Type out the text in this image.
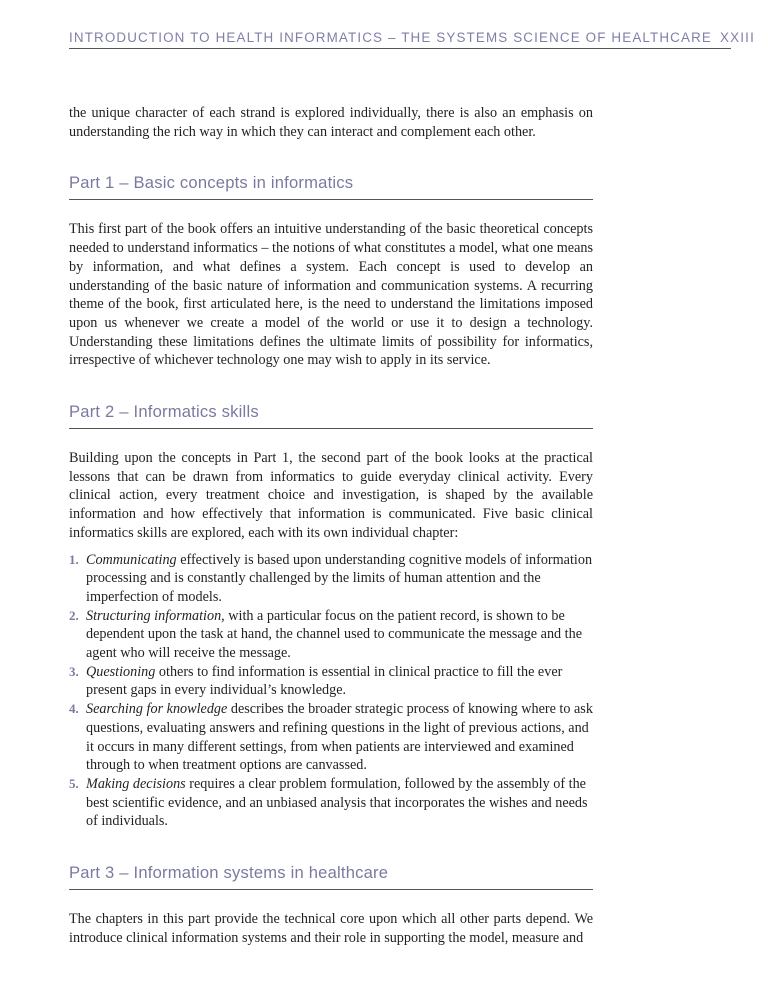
INTRODUCTION TO HEALTH INFORMATICS – THE SYSTEMS SCIENCE OF HEALTHCARE XXIII

the unique character of each strand is explored individually, there is also an emphasis on understanding the rich way in which they can interact and complement each other.

Part 1 – Basic concepts in informatics

This first part of the book offers an intuitive understanding of the basic theoretical concepts needed to understand informatics – the notions of what constitutes a model, what one means by information, and what defines a system. Each concept is used to develop an understanding of the basic nature of information and communication systems. A recurring theme of the book, first articulated here, is the need to understand the limitations imposed upon us whenever we create a model of the world or use it to design a technology. Understanding these limitations defines the ultimate limits of possibility for informatics, irrespective of whichever technology one may wish to apply in its service.

Part 2 – Informatics skills

Building upon the concepts in Part 1, the second part of the book looks at the practical lessons that can be drawn from informatics to guide everyday clinical activity. Every clinical action, every treatment choice and investigation, is shaped by the available information and how effectively that information is communicated. Five basic clinical informatics skills are explored, each with its own individual chapter:

1. Communicating effectively is based upon understanding cognitive models of information processing and is constantly challenged by the limits of human attention and the imperfection of models.
2. Structuring information, with a particular focus on the patient record, is shown to be dependent upon the task at hand, the channel used to communicate the message and the agent who will receive the message.
3. Questioning others to find information is essential in clinical practice to fill the ever present gaps in every individual’s knowledge.
4. Searching for knowledge describes the broader strategic process of knowing where to ask questions, evaluating answers and refining questions in the light of previous actions, and it occurs in many different settings, from when patients are interviewed and examined through to when treatment options are canvassed.
5. Making decisions requires a clear problem formulation, followed by the assembly of the best scientific evidence, and an unbiased analysis that incorporates the wishes and needs of individuals.
Part 3 – Information systems in healthcare

The chapters in this part provide the technical core upon which all other parts depend. We introduce clinical information systems and their role in supporting the model, measure and
